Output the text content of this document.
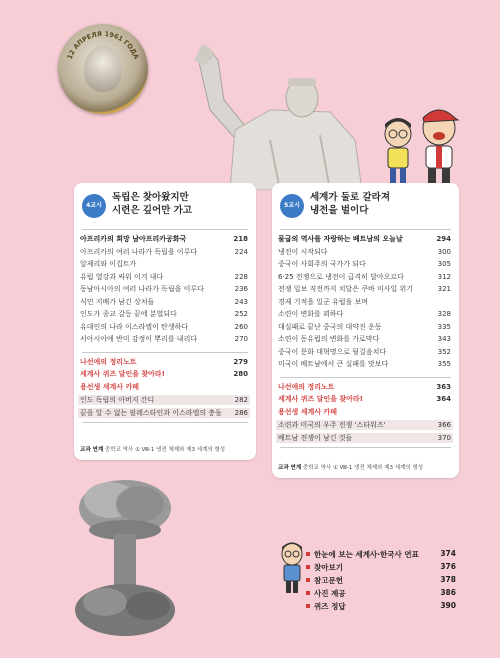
12 АПРЕЛЯ 1961 ГОДА
4교시
독립은 찾아왔지만
시련은 깊어만 가고
아프리카의 희망 남아프리카공화국	218
아프리카의 여러 나라가 독립을 이루다	224
알제리와 이집트가
유럽 열강과 싸워 이겨 내다	228
동남아시아의 여러 나라가 독립을 이루다	236
식민 지배가 남긴 상처들	243
인도가 종교 갈등 끝에 분열되다	252
유대인의 나라 이스라엘이 탄생하다	260
서아시아에 반미 감정이 뿌리를 내리다	270
나선애의 정리노트	279
세계사 퀴즈 달인을 찾아라!	280
용선생 세계사 카페
인도 독립의 아버지 간디	282
끝을 알 수 없는 팔레스타인과 이스라엘의 충돌 286
교과 연계 중학교 역사 ① Ⅷ-1 냉전 체제와 제3 세계의 형성
5교시
세계가 둘로 갈라져
냉전을 벌이다
물굽의 역사를 자랑하는 베트남의 오늘날	294
냉전이 시작되다	300
중국이 사회주의 국가가 되다	305
6·25 전쟁으로 냉전이 급격히 달아오르다	312
전쟁 일보 직전까지 치달은 쿠바 미사일 위기	321
경제 기적을 일군 유럽을 보며
소련이 변화를 꾀하다	328
대실패로 끝난 중국의 대약진 운동	335
소련이 동유럽의 변화를 가로막다	343
중국이 문화 대혁명으로 뒷걸음치다	352
미국이 베트남에서 큰 실패를 맛보다	355
나선애의 정리노트	363
세계사 퀴즈 달인을 찾아라!	364
용선생 세계사 카페
소련과 미국의 우주 전쟁 '스타워즈'	366
베트남 전쟁이 남긴 것들	370
교과 연계 중학교 역사 ① Ⅷ-1 냉전 체제와 제3 세계의 형성
한눈에 보는 세계사·한국사 연표	374
찾아보기	376
참고문헌	378
사진 제공	386
퀴즈 정답	390
